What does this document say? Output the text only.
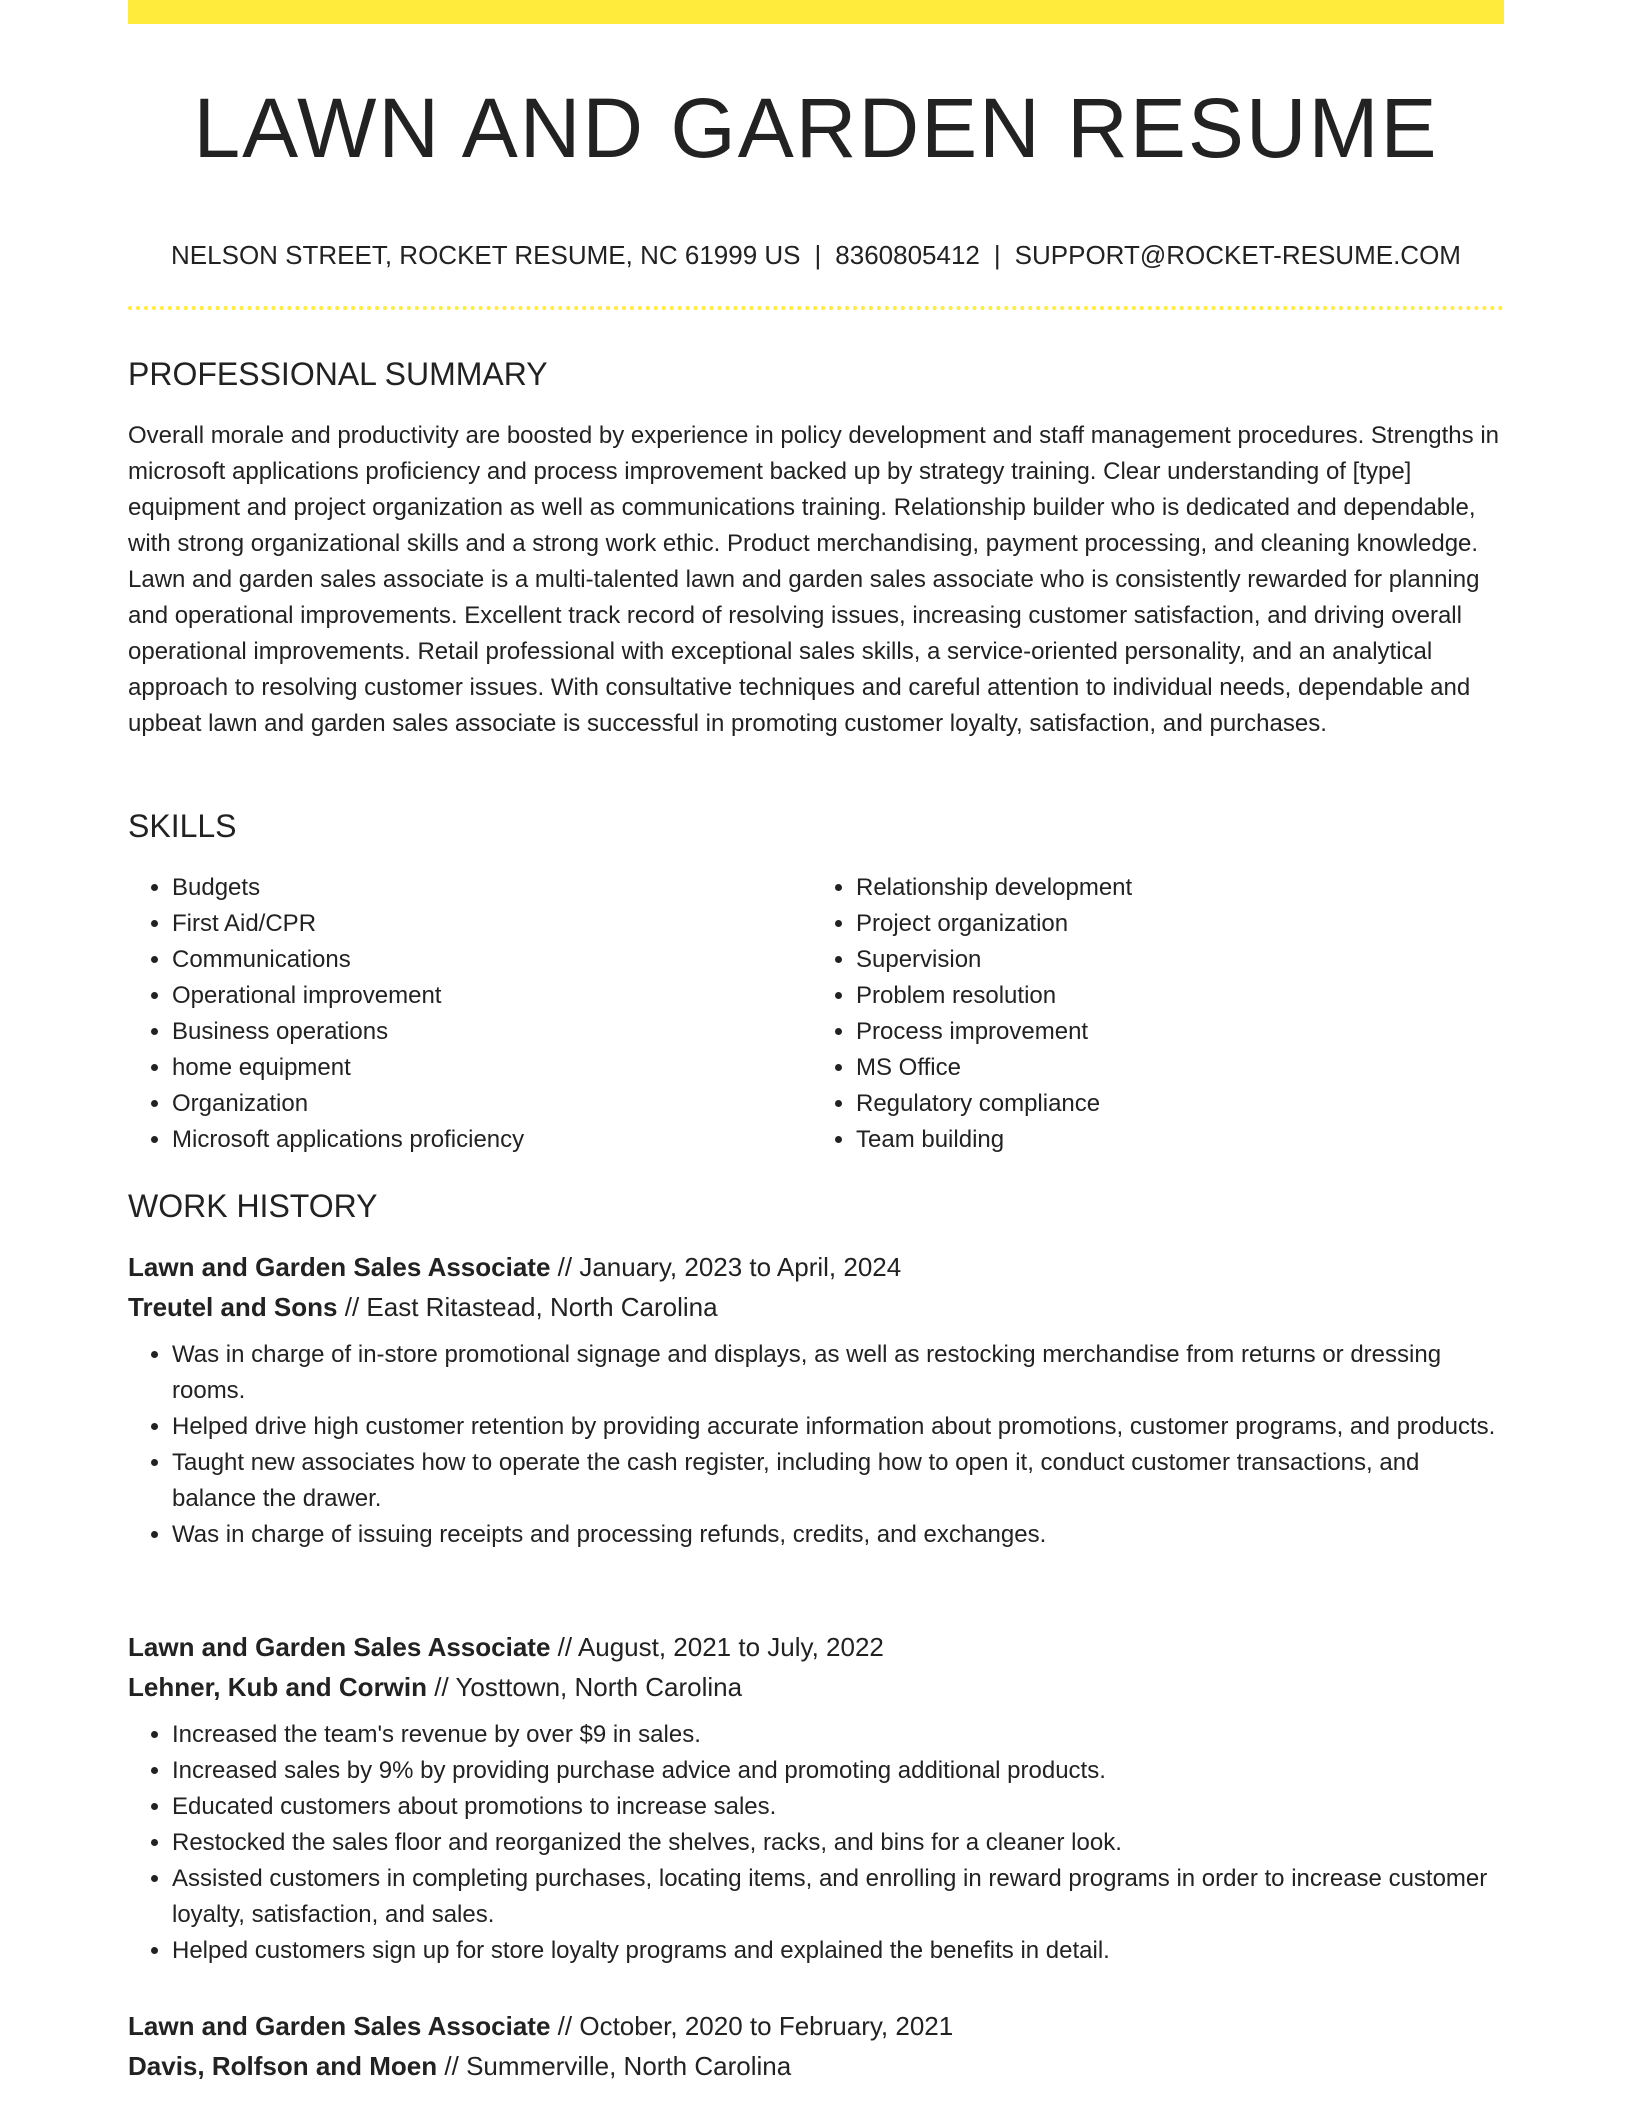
LAWN AND GARDEN RESUME
NELSON STREET, ROCKET RESUME, NC 61999 US | 8360805412 | SUPPORT@ROCKET-RESUME.COM
PROFESSIONAL SUMMARY

Overall morale and productivity are boosted by experience in policy development and staff management procedures. Strengths in microsoft applications proficiency and process improvement backed up by strategy training. Clear understanding of [type] equipment and project organization as well as communications training. Relationship builder who is dedicated and dependable, with strong organizational skills and a strong work ethic. Product merchandising, payment processing, and cleaning knowledge. Lawn and garden sales associate is a multi-talented lawn and garden sales associate who is consistently rewarded for planning and operational improvements. Excellent track record of resolving issues, increasing customer satisfaction, and driving overall operational improvements. Retail professional with exceptional sales skills, a service-oriented personality, and an analytical approach to resolving customer issues. With consultative techniques and careful attention to individual needs, dependable and upbeat lawn and garden sales associate is successful in promoting customer loyalty, satisfaction, and purchases.

SKILLS
• Budgets
• First Aid/CPR
• Communications
• Operational improvement
• Business operations
• home equipment
• Organization
• Microsoft applications proficiency
• Relationship development
• Project organization
• Supervision
• Problem resolution
• Process improvement
• MS Office
• Regulatory compliance
• Team building
WORK HISTORY
Lawn and Garden Sales Associate // January, 2023 to April, 2024
Treutel and Sons // East Ritastead, North Carolina
• Was in charge of in-store promotional signage and displays, as well as restocking merchandise from returns or dressing rooms.
• Helped drive high customer retention by providing accurate information about promotions, customer programs, and products.
• Taught new associates how to operate the cash register, including how to open it, conduct customer transactions, and balance the drawer.
• Was in charge of issuing receipts and processing refunds, credits, and exchanges.
Lawn and Garden Sales Associate // August, 2021 to July, 2022
Lehner, Kub and Corwin // Yosttown, North Carolina
• Increased the team's revenue by over $9 in sales.
• Increased sales by 9% by providing purchase advice and promoting additional products.
• Educated customers about promotions to increase sales.
• Restocked the sales floor and reorganized the shelves, racks, and bins for a cleaner look.
• Assisted customers in completing purchases, locating items, and enrolling in reward programs in order to increase customer loyalty, satisfaction, and sales.
• Helped customers sign up for store loyalty programs and explained the benefits in detail.
Lawn and Garden Sales Associate // October, 2020 to February, 2021
Davis, Rolfson and Moen // Summerville, North Carolina
